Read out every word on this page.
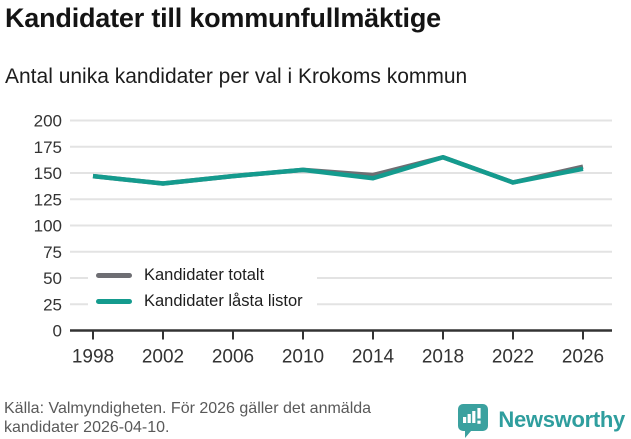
Kandidater till kommunfullmäktige

Antal unika kandidater per val i Krokoms kommun

0
25
50
75
100
125
150
175
200
1998 2002 2006 2010 2014 2018 2022 2026
Kandidater totalt
Kandidater låsta listor

Källa: Valmyndigheten. För 2026 gäller det anmälda kandidater 2026-04-10.	Newsworthy
